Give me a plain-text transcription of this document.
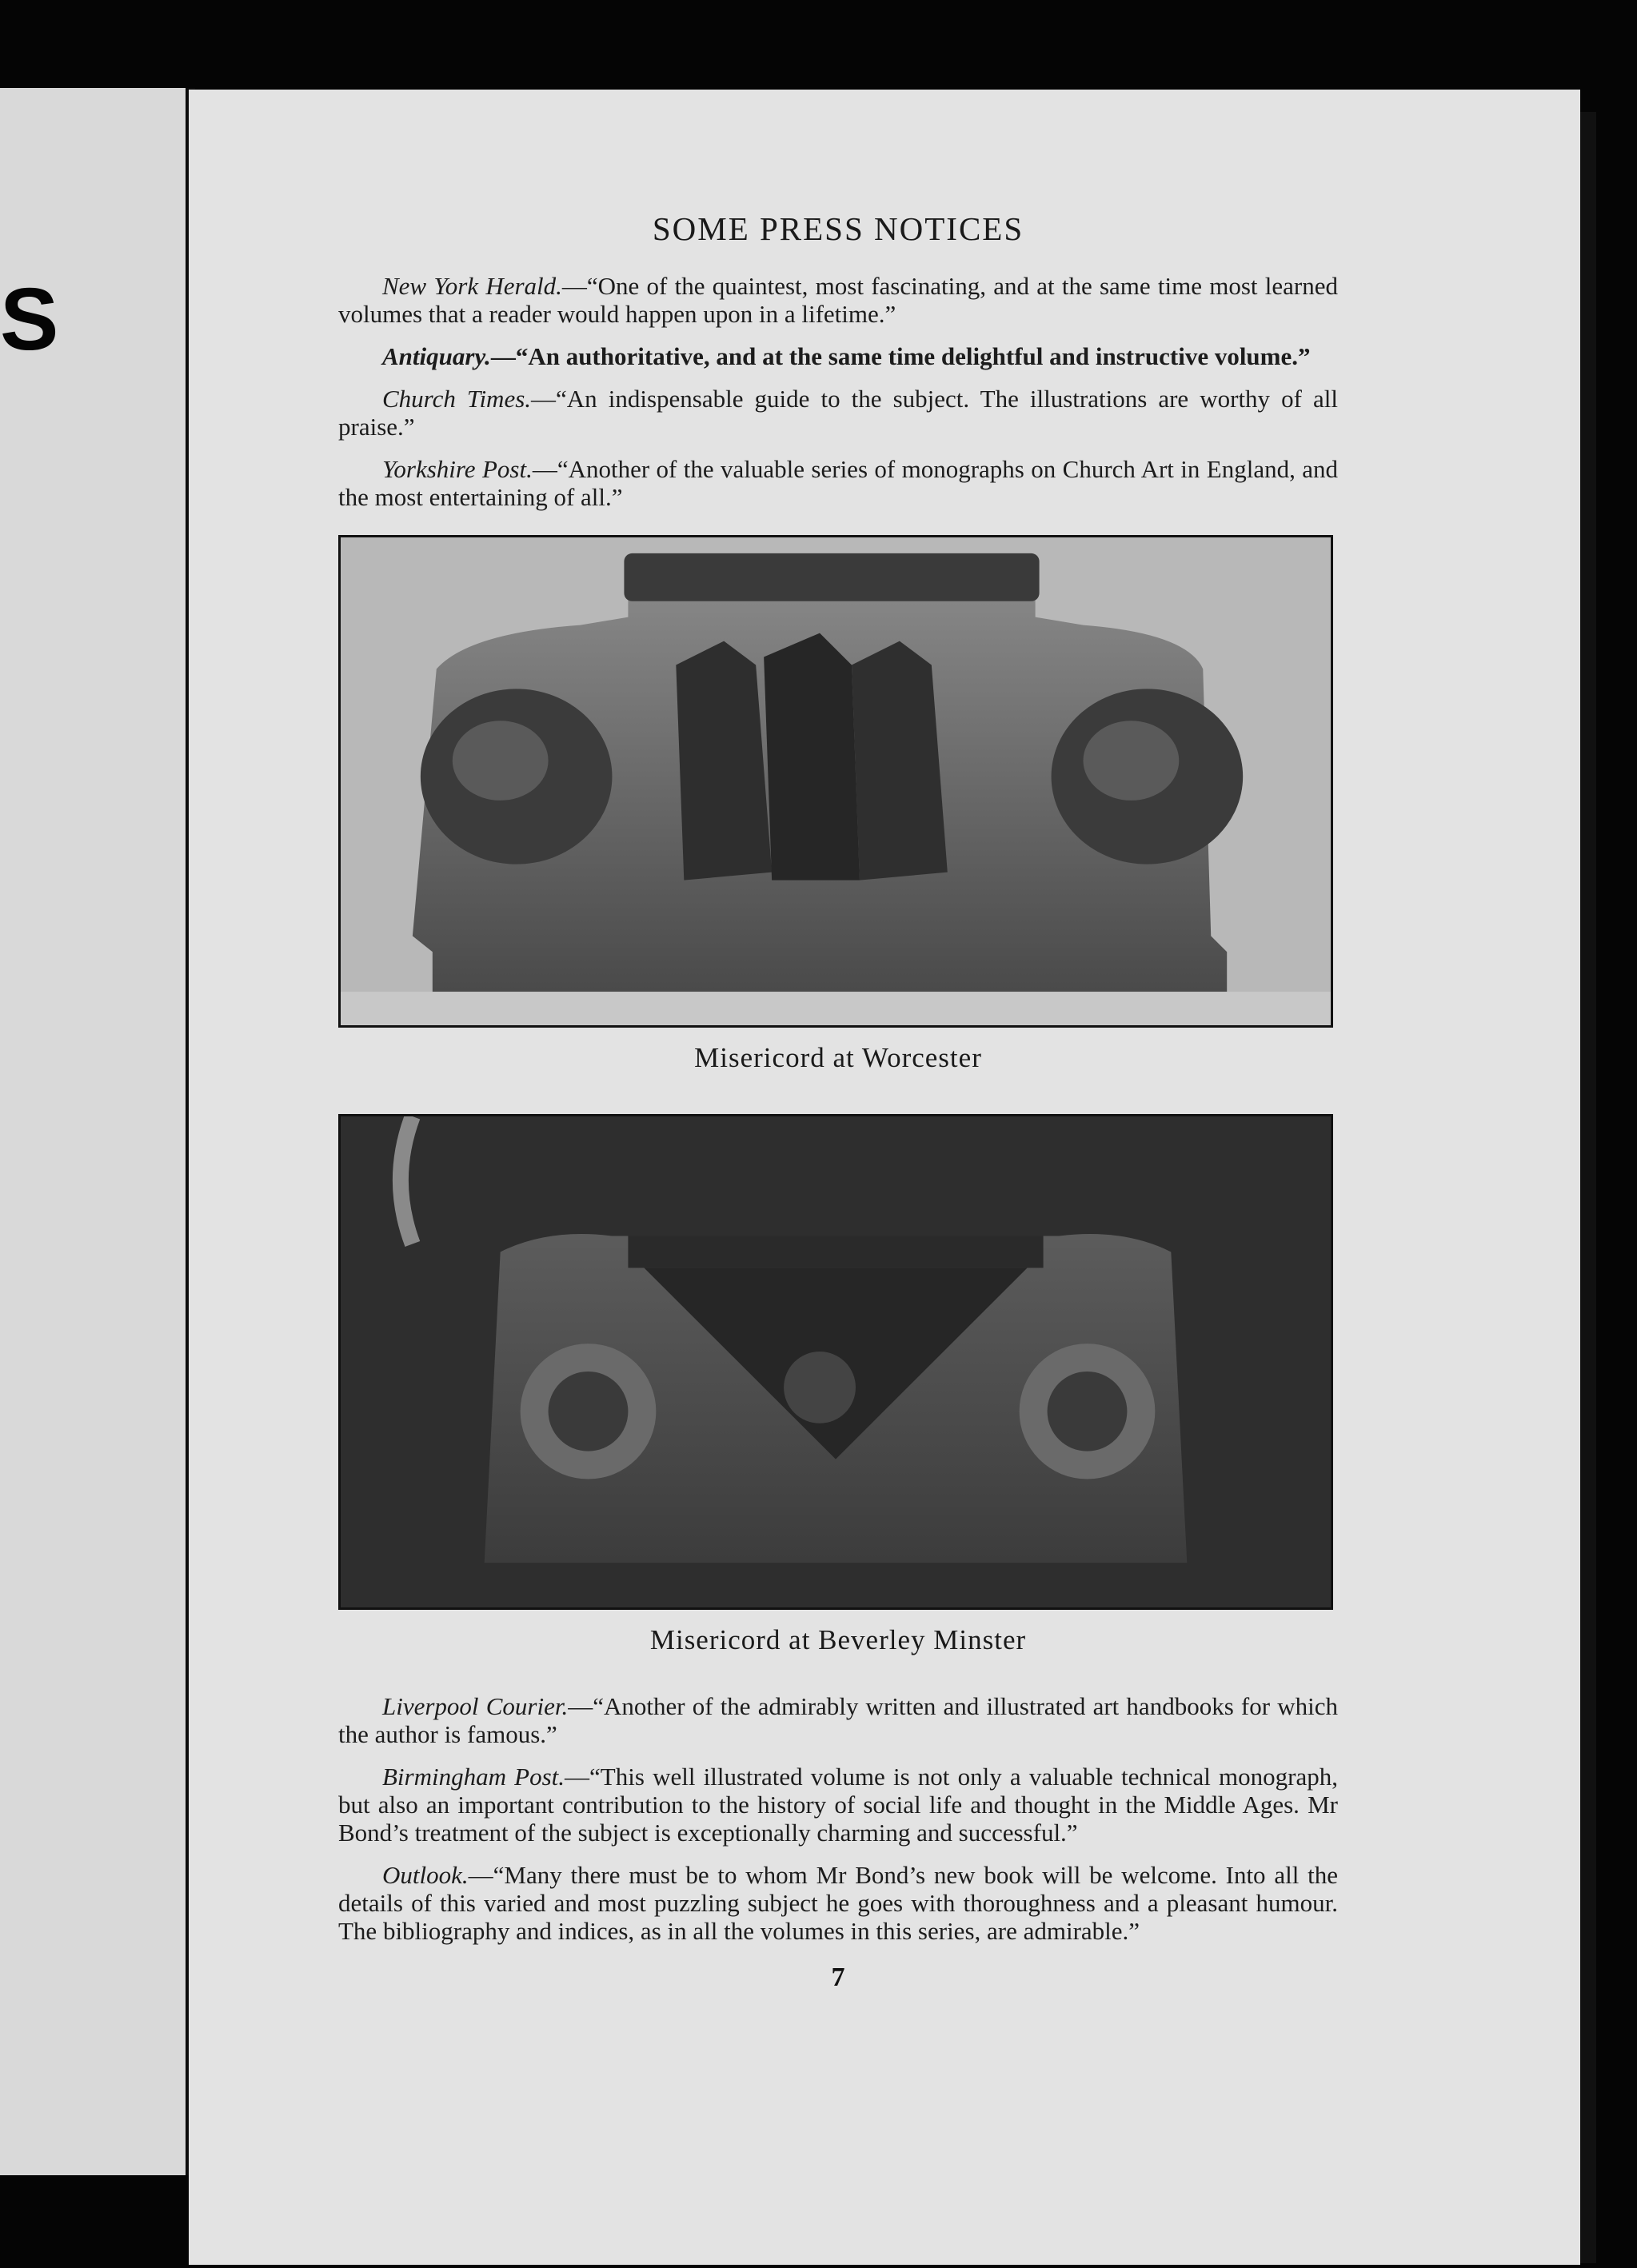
S
SOME PRESS NOTICES

New York Herald.—“One of the quaintest, most fascinating, and at the same time most learned volumes that a reader would happen upon in a lifetime.”

Antiquary.—“An authoritative, and at the same time delightful and instructive volume.”

Church Times.—“An indispensable guide to the subject. The illustrations are worthy of all praise.”

Yorkshire Post.—“Another of the valuable series of monographs on Church Art in England, and the most entertaining of all.”

Misericord at Worcester

Misericord at Beverley Minster

Liverpool Courier.—“Another of the admirably written and illustrated art handbooks for which the author is famous.”

Birmingham Post.—“This well illustrated volume is not only a valuable technical monograph, but also an important contribution to the history of social life and thought in the Middle Ages. Mr Bond’s treatment of the subject is exceptionally charming and successful.”

Outlook.—“Many there must be to whom Mr Bond’s new book will be welcome. Into all the details of this varied and most puzzling subject he goes with thoroughness and a pleasant humour. The bibliography and indices, as in all the volumes in this series, are admirable.”

7
